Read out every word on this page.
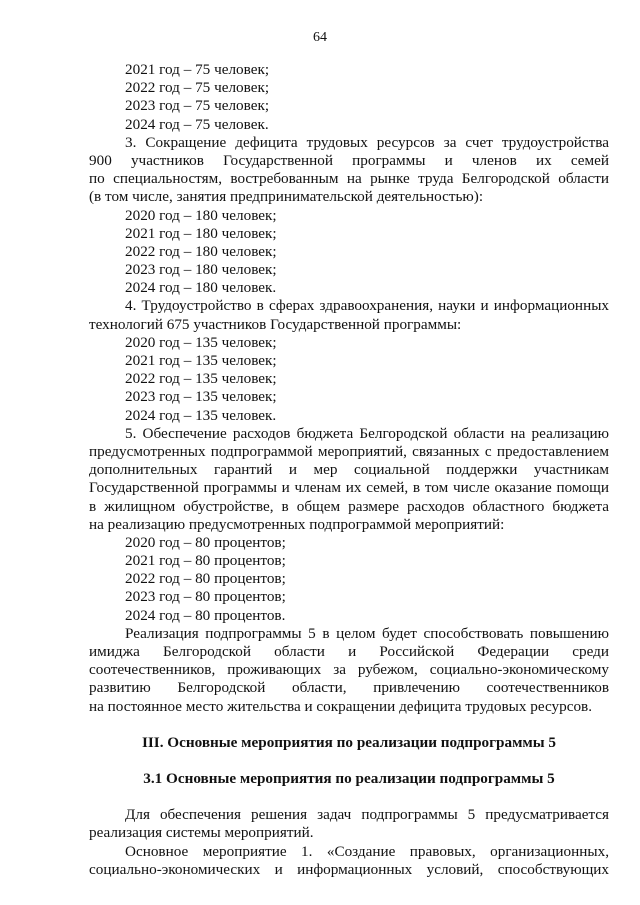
64
2021 год – 75 человек;
2022 год – 75 человек;
2023 год – 75 человек;
2024 год – 75 человек.
3. Сокращение дефицита трудовых ресурсов за счет трудоустройства
900 участников Государственной программы и членов их семей
по специальностям, востребованным на рынке труда Белгородской области
(в том числе, занятия предпринимательской деятельностью):
2020 год – 180 человек;
2021 год – 180 человек;
2022 год – 180 человек;
2023 год – 180 человек;
2024 год – 180 человек.
4. Трудоустройство в сферах здравоохранения, науки и информационных
технологий 675 участников Государственной программы:
2020 год – 135 человек;
2021 год – 135 человек;
2022 год – 135 человек;
2023 год – 135 человек;
2024 год – 135 человек.
5. Обеспечение расходов бюджета Белгородской области на реализацию
предусмотренных подпрограммой мероприятий, связанных с предоставлением
дополнительных гарантий и мер социальной поддержки участникам
Государственной программы и членам их семей, в том числе оказание помощи
в жилищном обустройстве, в общем размере расходов областного бюджета
на реализацию предусмотренных подпрограммой мероприятий:
2020 год – 80 процентов;
2021 год – 80 процентов;
2022 год – 80 процентов;
2023 год – 80 процентов;
2024 год – 80 процентов.
Реализация подпрограммы 5 в целом будет способствовать повышению
имиджа Белгородской области и Российской Федерации среди
соотечественников, проживающих за рубежом, социально-экономическому
развитию Белгородской области, привлечению соотечественников
на постоянное место жительства и сокращении дефицита трудовых ресурсов.
III. Основные мероприятия по реализации подпрограммы 5
3.1 Основные мероприятия по реализации подпрограммы 5
Для обеспечения решения задач подпрограммы 5 предусматривается
реализация системы мероприятий.
Основное мероприятие 1. «Создание правовых, организационных,
социально-экономических и информационных условий, способствующих
